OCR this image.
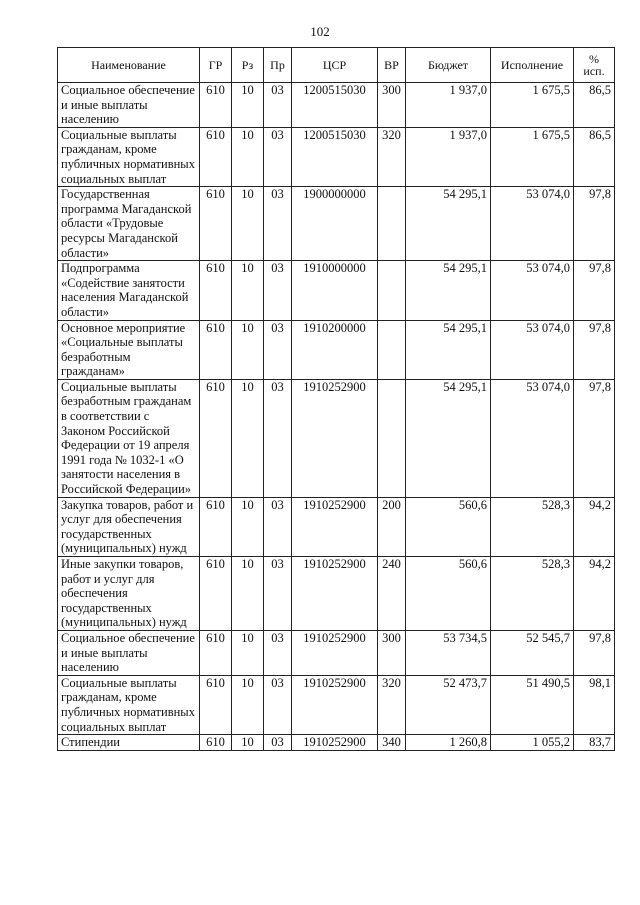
102
Наименование	ГР	Рз	Пр	ЦСР	ВР	Бюджет	Исполнение	%
исп.

Социальное обеспечение и иные выплаты населению	610	10	03	1200515030	300	1 937,0	1 675,5	86,5
Социальные выплаты гражданам, кроме публичных нормативных социальных выплат	610	10	03	1200515030	320	1 937,0	1 675,5	86,5
Государственная программа Магаданской области «Трудовые ресурсы Магаданской области»	610	10	03	1900000000		54 295,1	53 074,0	97,8
Подпрограмма «Содействие занятости населения Магаданской области»	610	10	03	1910000000		54 295,1	53 074,0	97,8
Основное мероприятие «Социальные выплаты безработным гражданам»	610	10	03	1910200000		54 295,1	53 074,0	97,8
Социальные выплаты безработным гражданам в соответствии с Законом Российской Федерации от 19 апреля 1991 года № 1032-1 «О занятости населения в Российской Федерации»	610	10	03	1910252900		54 295,1	53 074,0	97,8
Закупка товаров, работ и услуг для обеспечения государственных (муниципальных) нужд	610	10	03	1910252900	200	560,6	528,3	94,2
Иные закупки товаров, работ и услуг для обеспечения государственных (муниципальных) нужд	610	10	03	1910252900	240	560,6	528,3	94,2
Социальное обеспечение и иные выплаты населению	610	10	03	1910252900	300	53 734,5	52 545,7	97,8
Социальные выплаты гражданам, кроме публичных нормативных социальных выплат	610	10	03	1910252900	320	52 473,7	51 490,5	98,1
Стипендии	610	10	03	1910252900	340	1 260,8	1 055,2	83,7
